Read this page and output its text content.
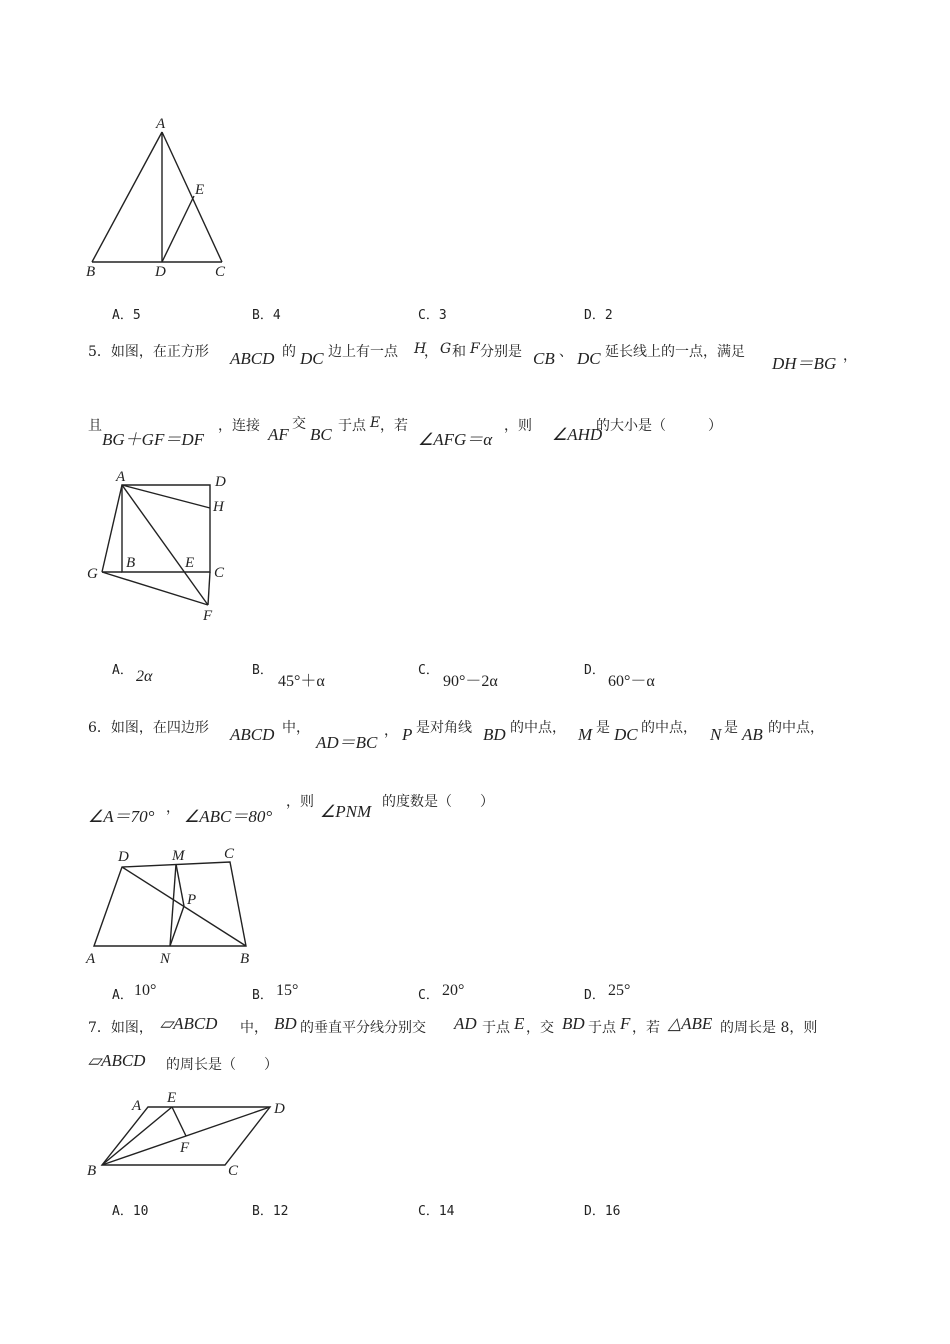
A
E
B	D	C
A．5	B．4	C．3	D．2
5．如图，在正方形 ABCD 的 DC 边上有一点 H
， G 和 F 分别是 CB 、 DC 延长线上的一点，满足
DH＝BG ，
且
BG＋GF＝DF
，连接 AF
交
BC 于点 E ，若
∠AFG＝α
，则 ∠AHD
的大小是（　　　）
A	D
H
B	E
C
G
F
A． 2α	B．
45°＋α
C．
90°－2α
D．
60°－α
6．如图，在四边形 ABCD 中，
AD＝BC
， P 是对角线 BD 的中点， M 是 DC 的中点， N 是 AB 的中点，
∠A＝70° ， ∠ABC＝80°
，则 ∠PNM 的度数是（　　）
D	M	C
P
A	N	B
A． 10°	B． 15°	C． 20°	D． 25°
7．如图， ▱ABCD 中， BD 的垂直平分线分别交 AD 于点 E ，交 BD 于点 F ，若 △ABE 的周长是 8，则
▱ABCD 的周长是（　　）
A E
D
F
B	C
A．10	B．12	C．14	D．16
